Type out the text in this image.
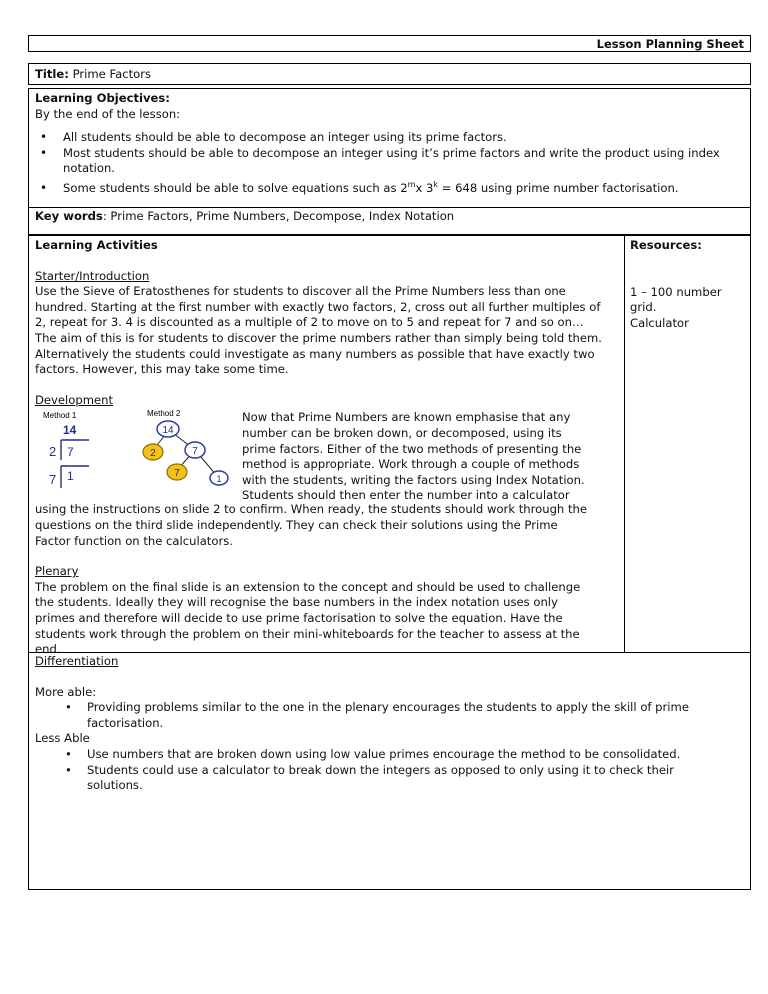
Lesson Planning Sheet
Title: Prime Factors

Learning Objectives:

By the end of the lesson:

• All students should be able to decompose an integer using its prime factors.

• Most students should be able to decompose an integer using it’s prime factors and write the product using index notation.

• Some students should be able to solve equations such as 2$^m$x $3^k = 648$ using prime number factorisation.

Key words: Prime Factors, Prime Numbers, Decompose, Index Notation

Learning Activities

Starter/Introduction

Use the Sieve of Eratosthenes for students to discover all the Prime Numbers less than one

hundred. Starting at the first number with exactly two factors, 2, cross out all further multiples of

2, repeat for 3. 4 is discounted as a multiple of 2 to move on to 5 and repeat for 7 and so on…

The aim of this is for students to discover the prime numbers rather than simply being told them.

Alternatively the students could investigate as many numbers as possible that have exactly two

factors. However, this may take some time.

Development

Method 1
14
2 7
7 1
Method 2
14
2	7
7	1

Now that Prime Numbers are known emphasise that any

number can be broken down, or decomposed, using its

prime factors. Either of the two methods of presenting the

method is appropriate. Work through a couple of methods

with the students, writing the factors using Index Notation.

Students should then enter the number into a calculator

using the instructions on slide 2 to confirm. When ready, the students should work through the

questions on the third slide independently. They can check their solutions using the Prime

Factor function on the calculators.

Plenary

The problem on the final slide is an extension to the concept and should be used to challenge

the students. Ideally they will recognise the base numbers in the index notation uses only

primes and therefore will decide to use prime factorisation to solve the equation. Have the

students work through the problem on their mini-whiteboards for the teacher to assess at the

end.

Resources:

1 – 100 number

grid.

Calculator

Differentiation

More able:

• Providing problems similar to the one in the plenary encourages the students to apply the skill of prime

factorisation.

Less Able

• Use numbers that are broken down using low value primes encourage the method to be consolidated.

• Students could use a calculator to break down the integers as opposed to only using it to check their

solutions.
